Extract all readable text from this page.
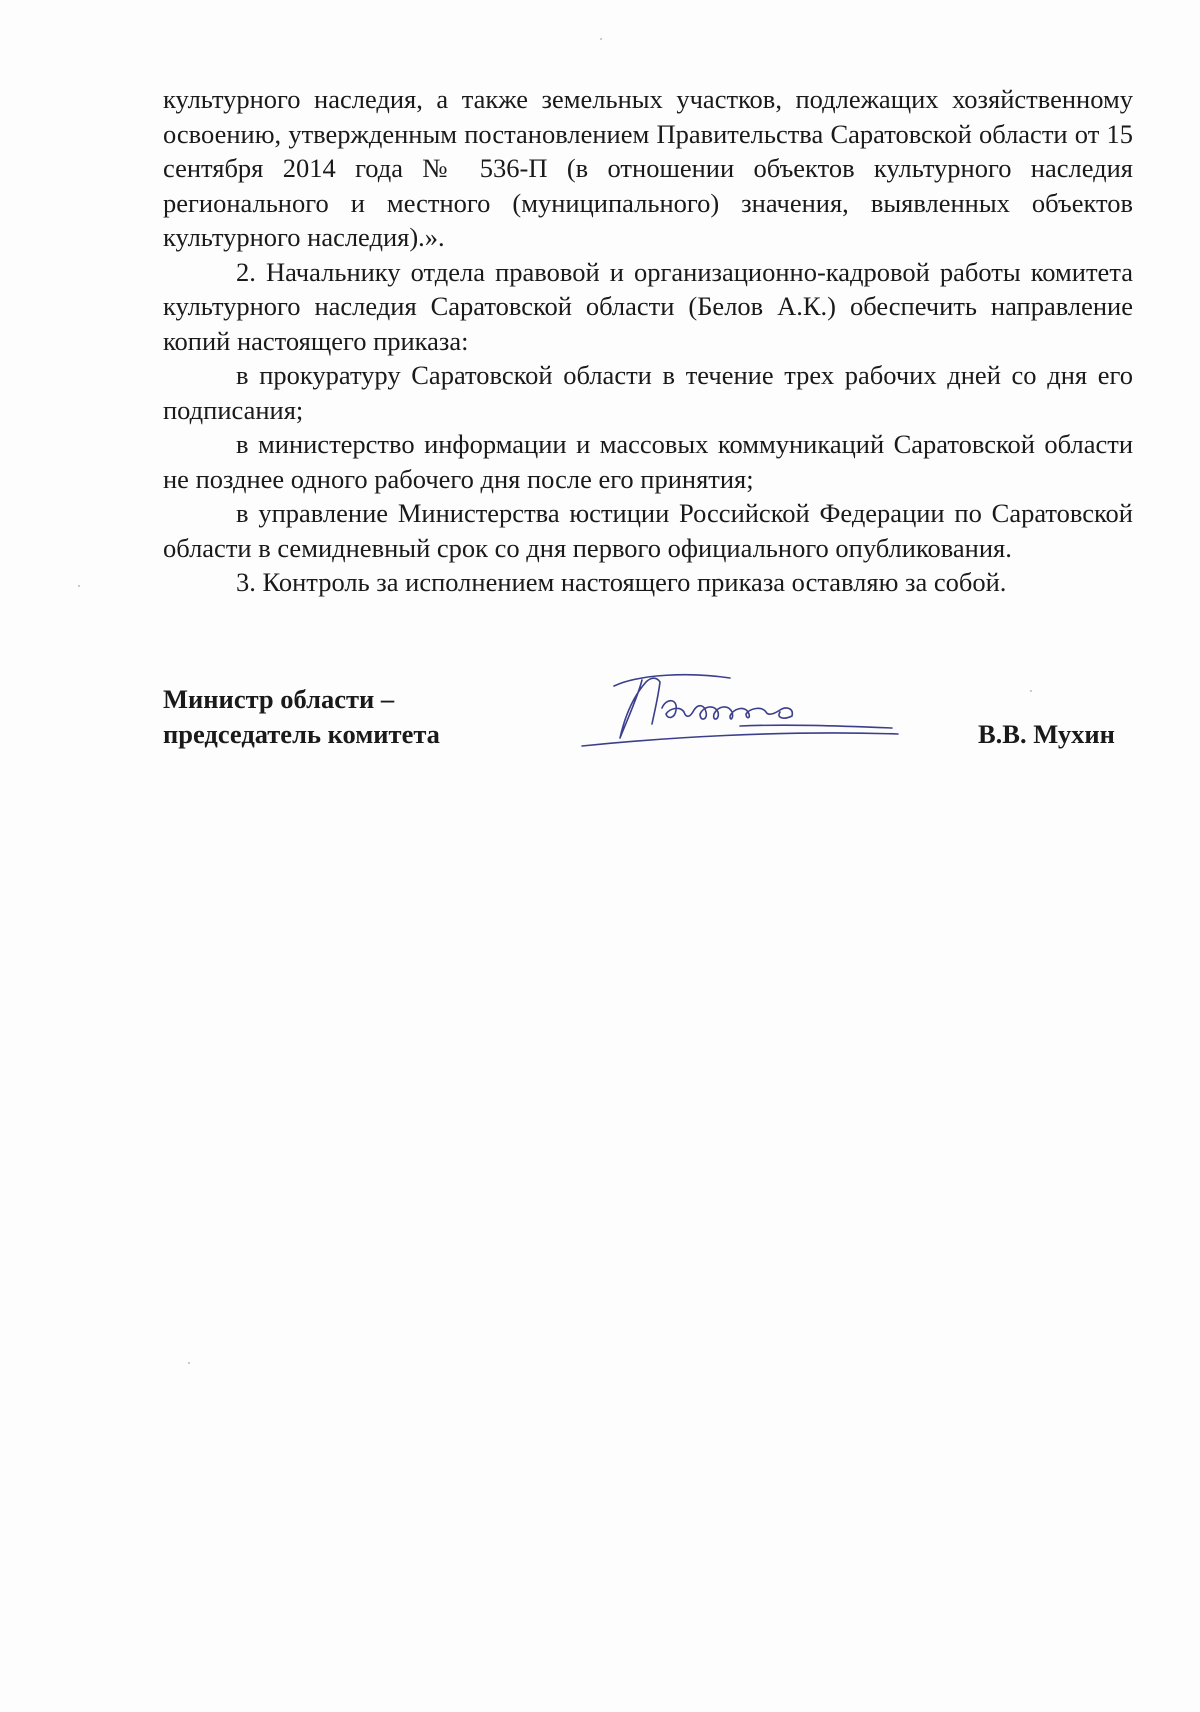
культурного наследия, а также земельных участков, подлежащих хозяйственному освоению, утвержденным постановлением Правительства Саратовской области от 15 сентября 2014 года № 536-П (в отношении объектов культурного наследия регионального и местного (муниципального) значения, выявленных объектов культурного наследия).».

2. Начальнику отдела правовой и организационно-кадровой работы комитета культурного наследия Саратовской области (Белов А.К.) обеспечить направление копий настоящего приказа:

в прокуратуру Саратовской области в течение трех рабочих дней со дня его подписания;

в министерство информации и массовых коммуникаций Саратовской области не позднее одного рабочего дня после его принятия;

в управление Министерства юстиции Российской Федерации по Саратовской области в семидневный срок со дня первого официального опубликования.

3. Контроль за исполнением настоящего приказа оставляю за собой.

Министр области –
председатель комитета	В.В. Мухин
